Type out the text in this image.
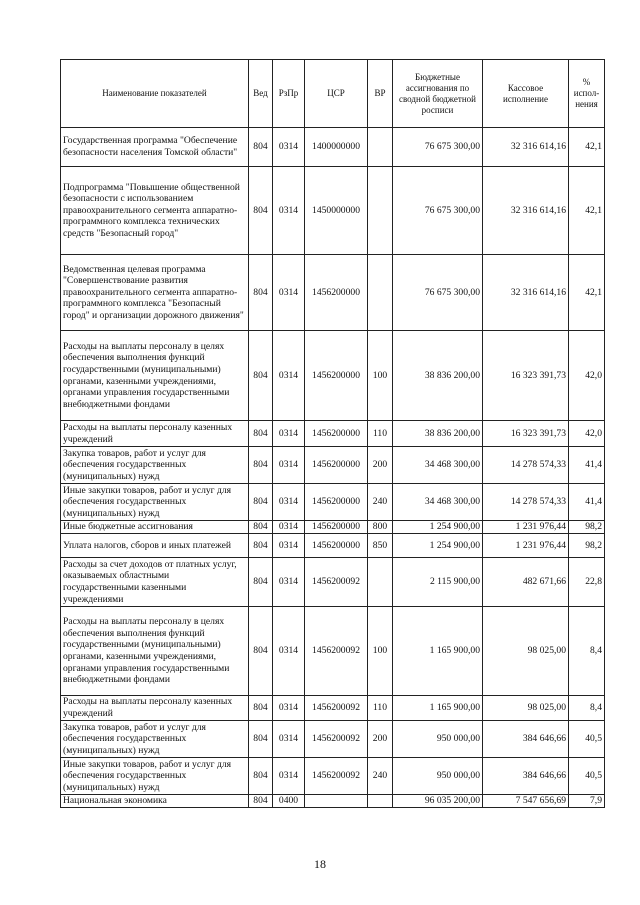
Наименование показателей	Вед	РзПр	ЦСР	ВР	Бюджетные ассигнования по сводной бюджетной росписи	Кассовое исполнение	% испол-нения
Государственная программа "Обеспечение безопасности населения Томской области"	804	0314	1400000000		76 675 300,00	32 316 614,16	42,1
Подпрограмма "Повышение общественной безопасности с использованием правоохранительного сегмента аппаратно-программного комплекса технических средств "Безопасный город"	804	0314	1450000000		76 675 300,00	32 316 614,16	42,1
Ведомственная целевая программа "Совершенствование развития правоохранительного сегмента аппаратно-программного комплекса "Безопасный город" и организации дорожного движения"	804	0314	1456200000		76 675 300,00	32 316 614,16	42,1
Расходы на выплаты персоналу в целях обеспечения выполнения функций государственными (муниципальными) органами, казенными учреждениями, органами управления государственными внебюджетными фондами	804	0314	1456200000	100	38 836 200,00	16 323 391,73	42,0
Расходы на выплаты персоналу казенных учреждений	804	0314	1456200000	110	38 836 200,00	16 323 391,73	42,0
Закупка товаров, работ и услуг для обеспечения государственных (муниципальных) нужд	804	0314	1456200000	200	34 468 300,00	14 278 574,33	41,4
Иные закупки товаров, работ и услуг для обеспечения государственных (муниципальных) нужд	804	0314	1456200000	240	34 468 300,00	14 278 574,33	41,4
Иные бюджетные ассигнования	804	0314	1456200000	800	1 254 900,00	1 231 976,44	98,2
Уплата налогов, сборов и иных платежей	804	0314	1456200000	850	1 254 900,00	1 231 976,44	98,2
Расходы за счет доходов от платных услуг, оказываемых областными государственными казенными учреждениями	804	0314	1456200092		2 115 900,00	482 671,66	22,8
Расходы на выплаты персоналу в целях обеспечения выполнения функций государственными (муниципальными) органами, казенными учреждениями, органами управления государственными внебюджетными фондами	804	0314	1456200092	100	1 165 900,00	98 025,00	8,4
Расходы на выплаты персоналу казенных учреждений	804	0314	1456200092	110	1 165 900,00	98 025,00	8,4
Закупка товаров, работ и услуг для обеспечения государственных (муниципальных) нужд	804	0314	1456200092	200	950 000,00	384 646,66	40,5
Иные закупки товаров, работ и услуг для обеспечения государственных (муниципальных) нужд	804	0314	1456200092	240	950 000,00	384 646,66	40,5
Национальная экономика	804	0400			96 035 200,00	7 547 656,69	7,9
18
